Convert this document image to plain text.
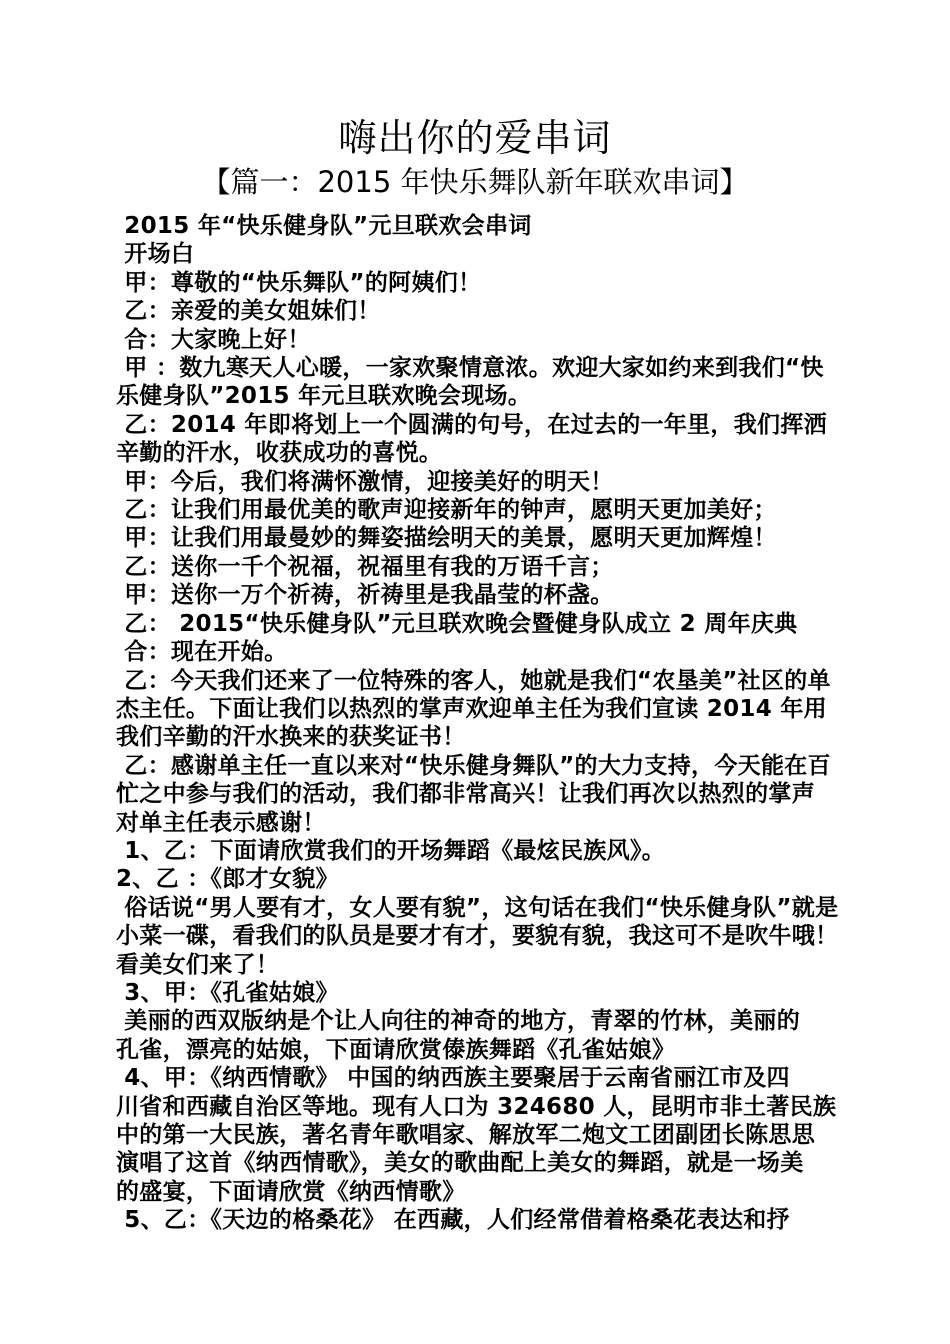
嗨出你的爱串词
【篇一：2015 年快乐舞队新年联欢串词】
2015 年“快乐健身队”元旦联欢会串词
开场白
甲：尊敬的“快乐舞队”的阿姨们！
乙：亲爱的美女姐妹们！
合：大家晚上好！
甲 ：数九寒天人心暖，一家欢聚情意浓。欢迎大家如约来到我们“快
乐健身队”2015 年元旦联欢晚会现场。
乙：2014 年即将划上一个圆满的句号，在过去的一年里，我们挥洒
辛勤的汗水，收获成功的喜悦。
甲：今后，我们将满怀激情，迎接美好的明天！
乙：让我们用最优美的歌声迎接新年的钟声，愿明天更加美好；
甲：让我们用最曼妙的舞姿描绘明天的美景，愿明天更加辉煌！
乙：送你一千个祝福，祝福里有我的万语千言；
甲：送你一万个祈祷，祈祷里是我晶莹的杯盏。
乙： 2015“快乐健身队”元旦联欢晚会暨健身队成立 2 周年庆典
合：现在开始。
乙：今天我们还来了一位特殊的客人，她就是我们“农垦美”社区的单
杰主任。下面让我们以热烈的掌声欢迎单主任为我们宣读 2014 年用
我们辛勤的汗水换来的获奖证书！
乙：感谢单主任一直以来对“快乐健身舞队”的大力支持，今天能在百
忙之中参与我们的活动，我们都非常高兴！让我们再次以热烈的掌声
对单主任表示感谢！
1、乙：下面请欣赏我们的开场舞蹈《最炫民族风》。
2、乙 ：《郎才女貌》
俗话说“男人要有才，女人要有貌”，这句话在我们“快乐健身队”就是
小菜一碟，看我们的队员是要才有才，要貌有貌，我这可不是吹牛哦！
看美女们来了！
3、甲：《孔雀姑娘》
美丽的西双版纳是个让人向往的神奇的地方，青翠的竹林，美丽的
孔雀，漂亮的姑娘，下面请欣赏傣族舞蹈《孔雀姑娘》
4、甲：《纳西情歌》 中国的纳西族主要聚居于云南省丽江市及四
川省和西藏自治区等地。现有人口为 324680 人，昆明市非土著民族
中的第一大民族，著名青年歌唱家、解放军二炮文工团副团长陈思思
演唱了这首《纳西情歌》，美女的歌曲配上美女的舞蹈，就是一场美
的盛宴，下面请欣赏《纳西情歌》
5、乙：《天边的格桑花》 在西藏，人们经常借着格桑花表达和抒
